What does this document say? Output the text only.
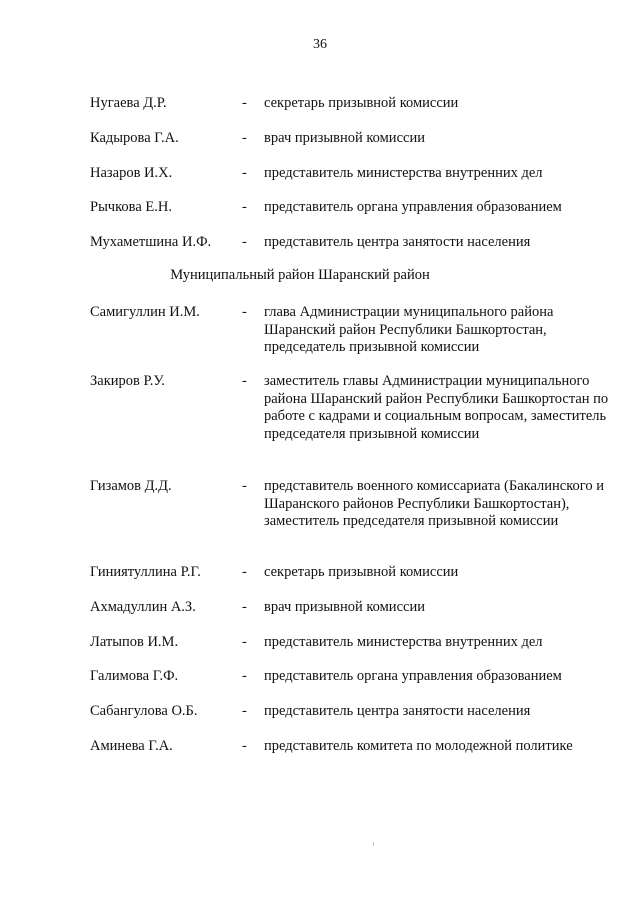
36
Нугаева Д.Р.	- секретарь призывной комиссии
Кадырова Г.А.	- врач призывной комиссии
Назаров И.Х.	- представитель министерства внутренних дел
Рычкова Е.Н.	- представитель органа управления образованием
Мухаметшина И.Ф. - представитель центра занятости населения
Муниципальный район Шаранский район
Самигуллин И.М.	- глава Администрации муниципального района Шаранский район Республики Башкортостан, председатель призывной комиссии
Закиров Р.У.	- заместитель главы Администрации муниципального района Шаранский район Республики Башкортостан по работе с кадрами и социальным вопросам, заместитель председателя призывной комиссии
Гизамов Д.Д.	- представитель военного комиссариата (Бакалинского и Шаранского районов Республики Башкортостан), заместитель председателя призывной комиссии
Гиниятуллина Р.Г.	- секретарь призывной комиссии
Ахмадуллин А.З.	- врач призывной комиссии
Латыпов И.М.	- представитель министерства внутренних дел
Галимова Г.Ф.	- представитель органа управления образованием
Сабангулова О.Б.	- представитель центра занятости населения
Аминева Г.А.	- представитель комитета по молодежной политике
